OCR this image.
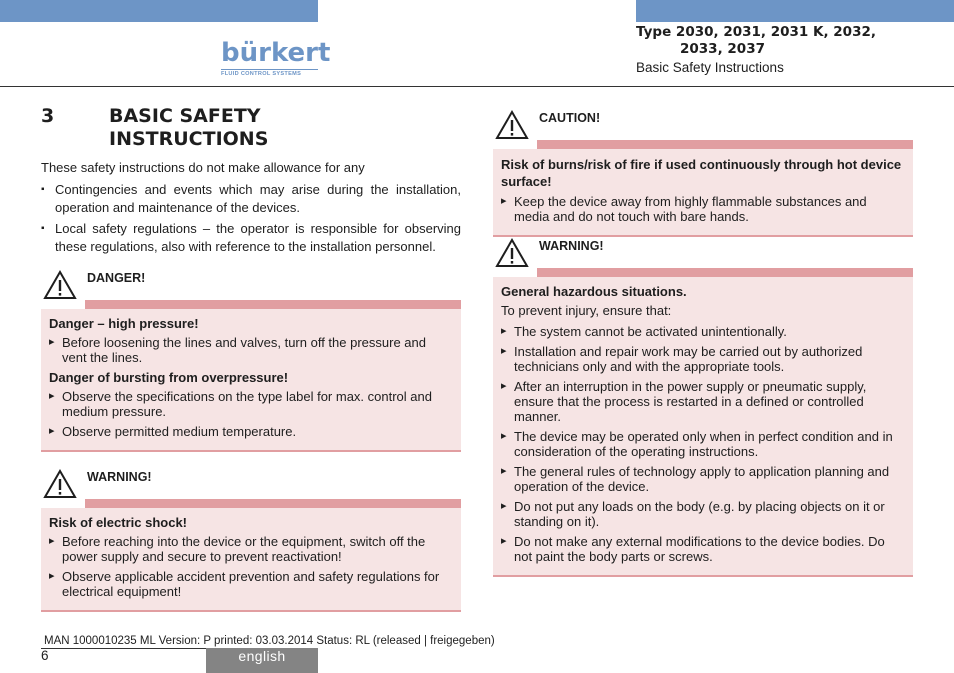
bürkert
FLUID CONTROL SYSTEMS
Type 2030, 2031, 2031 K, 2032,
2033, 2037
Basic Safety Instructions
3	BASIC SAFETY INSTRUCTIONS

These safety instructions do not make allowance for any

▪ Contingencies and events which may arise during the installation, operation and maintenance of the devices.
▪ Local safety regulations – the operator is responsible for observing these regulations, also with reference to the installation personnel.
DANGER!
Danger – high pressure!
▸ Before loosening the lines and valves, turn off the pressure and vent the lines.
Danger of bursting from overpressure!
▸ Observe the specifications on the type label for max. control and medium pressure.
▸ Observe permitted medium temperature.
WARNING!
Risk of electric shock!
▸ Before reaching into the device or the equipment, switch off the power supply and secure to prevent reactivation!
▸ Observe applicable accident prevention and safety regulations for electrical equipment!
CAUTION!
Risk of burns/risk of fire if used continuously through hot device surface!
▸ Keep the device away from highly flammable substances and media and do not touch with bare hands.
WARNING!
General hazardous situations.

To prevent injury, ensure that:

▸ The system cannot be activated unintentionally.
▸ Installation and repair work may be carried out by authorized technicians only and with the appropriate tools.
▸ After an interruption in the power supply or pneumatic supply, ensure that the process is restarted in a defined or controlled manner.
▸ The device may be operated only when in perfect condition and in consideration of the operating instructions.
▸ The general rules of technology apply to application planning and operation of the device.
▸ Do not put any loads on the body (e.g. by placing objects on it or standing on it).
▸ Do not make any external modifications to the device bodies. Do not paint the body parts or screws.
MAN 1000010235 ML Version: P printed: 03.03.2014 Status: RL (released | freigegeben)
6	english
